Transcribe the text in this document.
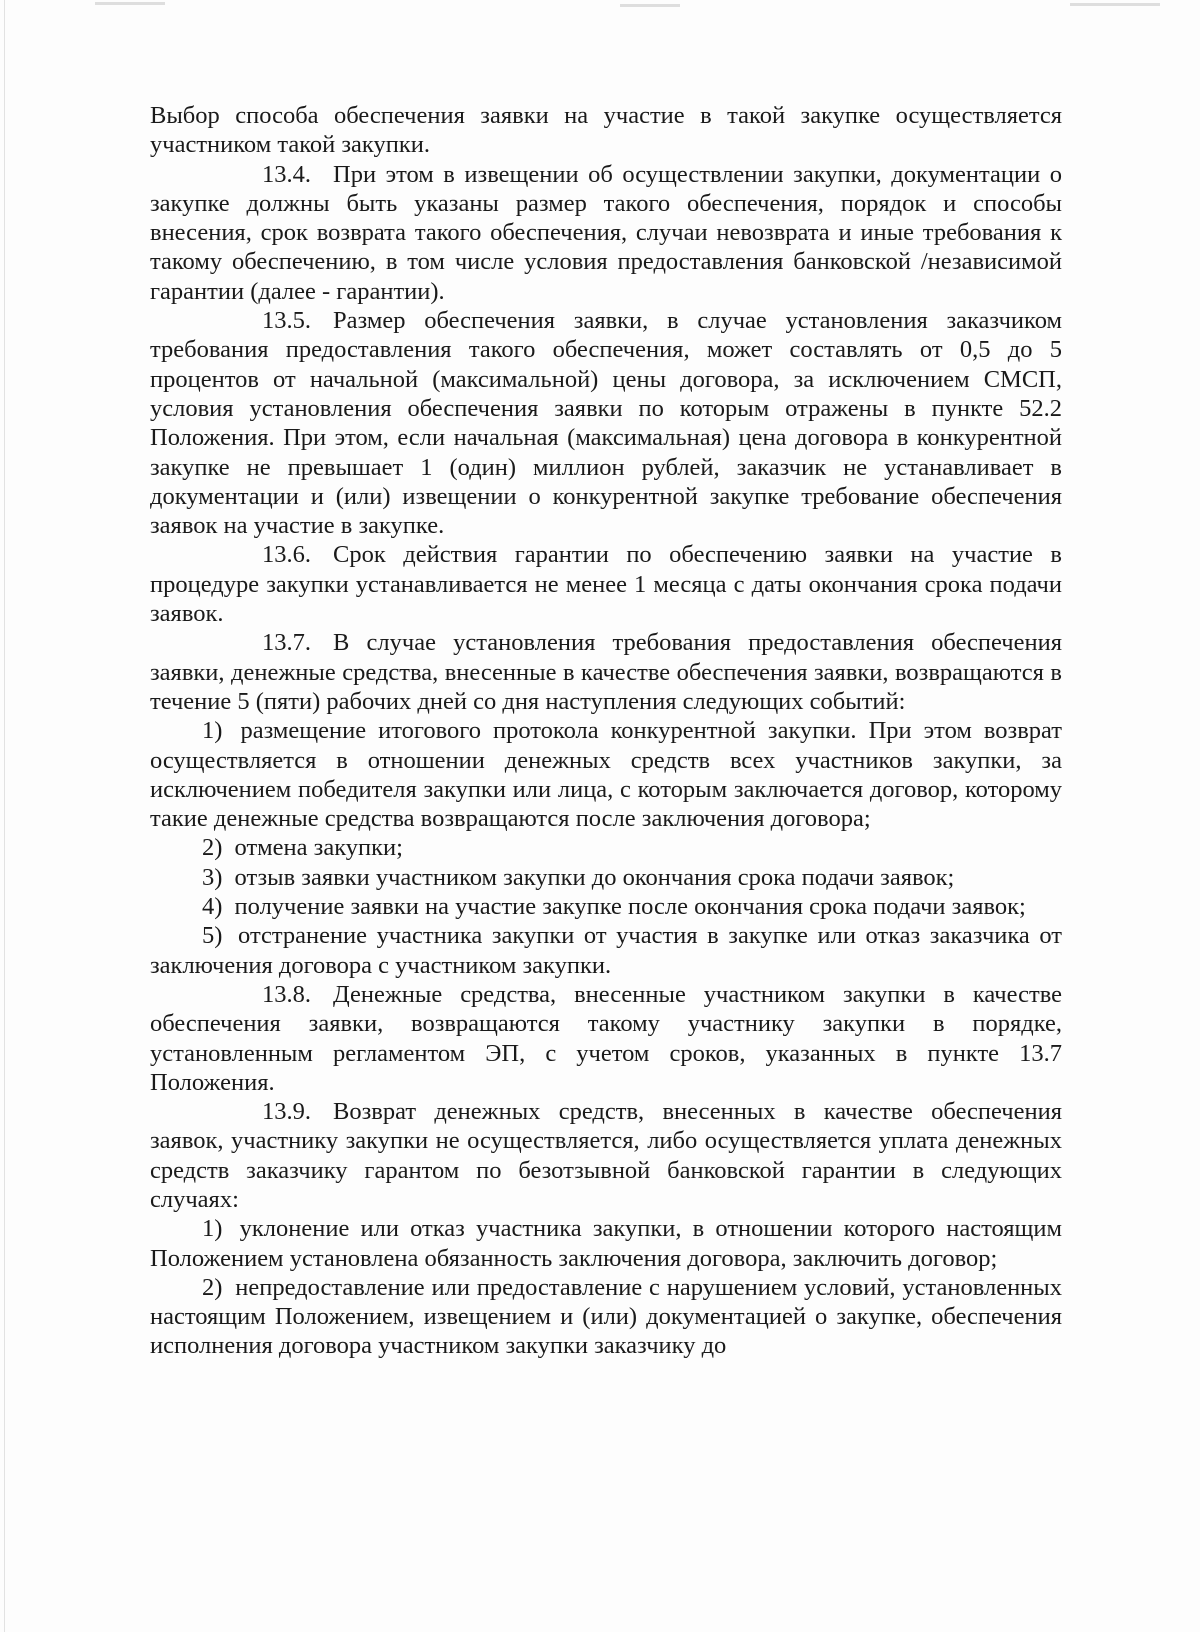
Выбор способа обеспечения заявки на участие в такой закупке осуществляется участником такой закупки.

13.4. При этом в извещении об осуществлении закупки, документации о закупке должны быть указаны размер такого обеспечения, порядок и способы внесения, срок возврата такого обеспечения, случаи невозврата и иные требования к такому обеспечению, в том числе условия предоставления банковской /независимой гарантии (далее - гарантии).

13.5. Размер обеспечения заявки, в случае установления заказчиком требования предоставления такого обеспечения, может составлять от 0,5 до 5 процентов от начальной (максимальной) цены договора, за исключением СМСП, условия установления обеспечения заявки по которым отражены в пункте 52.2 Положения. При этом, если начальная (максимальная) цена договора в конкурентной закупке не превышает 1 (один) миллион рублей, заказчик не устанавливает в документации и (или) извещении о конкурентной закупке требование обеспечения заявок на участие в закупке.

13.6. Срок действия гарантии по обеспечению заявки на участие в процедуре закупки устанавливается не менее 1 месяца с даты окончания срока подачи заявок.

13.7. В случае установления требования предоставления обеспечения заявки, денежные средства, внесенные в качестве обеспечения заявки, возвращаются в течение 5 (пяти) рабочих дней со дня наступления следующих событий:

1) размещение итогового протокола конкурентной закупки. При этом возврат осуществляется в отношении денежных средств всех участников закупки, за исключением победителя закупки или лица, с которым заключается договор, которому такие денежные средства возвращаются после заключения договора;

2) отмена закупки;

3) отзыв заявки участником закупки до окончания срока подачи заявок;

4) получение заявки на участие закупке после окончания срока подачи заявок;

5) отстранение участника закупки от участия в закупке или отказ заказчика от заключения договора с участником закупки.

13.8. Денежные средства, внесенные участником закупки в качестве обеспечения заявки, возвращаются такому участнику закупки в порядке, установленным регламентом ЭП, с учетом сроков, указанных в пункте 13.7 Положения.

13.9. Возврат денежных средств, внесенных в качестве обеспечения заявок, участнику закупки не осуществляется, либо осуществляется уплата денежных средств заказчику гарантом по безотзывной банковской гарантии в следующих случаях:

1) уклонение или отказ участника закупки, в отношении которого настоящим Положением установлена обязанность заключения договора, заключить договор;

2) непредоставление или предоставление с нарушением условий, установленных настоящим Положением, извещением и (или) документацией о закупке, обеспечения исполнения договора участником закупки заказчику до
